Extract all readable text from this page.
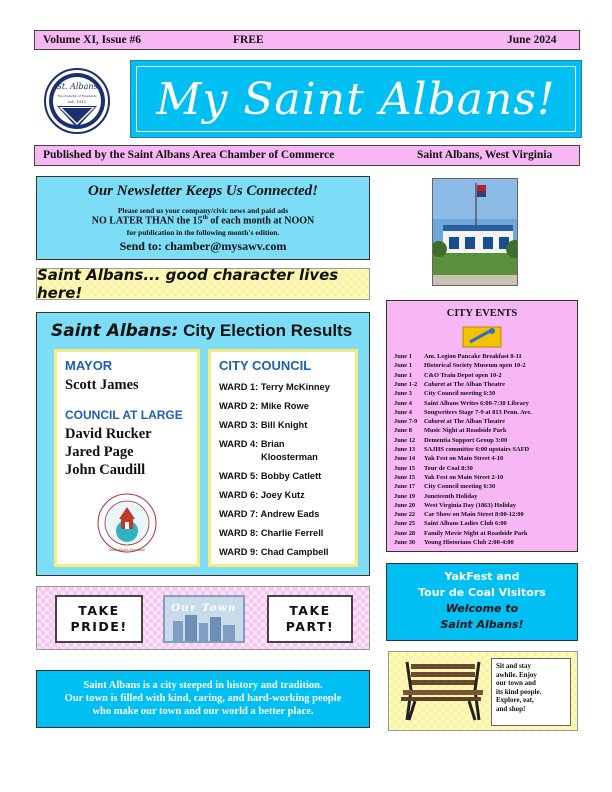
Volume XI, Issue #6	FREE	June 2024
St. Albans
The Character of Hospitality
est. 1912 My Saint Albans!
Published by the Saint Albans Area Chamber of Commerce	Saint Albans, West Virginia
Our Newsletter Keeps Us Connected!
Please send us your company/civic news and paid ads
NO LATER THAN the 15th of each month at NOON
for publication in the following month's edition.
Send to: chamber@mysawv.com
Saint Albans... good character lives here!
Saint Albans: City Election Results
MAYOR
Scott James
COUNCIL AT LARGE
David Rucker
Jared Page
John Caudill
Saint Albans Municipal
CITY COUNCIL
WARD 1: Terry McKinney
WARD 2: Mike Rowe
WARD 3: Bill Knight
WARD 4: Brian
Kloosterman
WARD 5: Bobby Catlett
WARD 6: Joey Kutz
WARD 7: Andrew Eads
WARD 8: Charlie Ferrell
WARD 9: Chad Campbell
CITY EVENTS
June 1 Am. Legion Pancake Breakfast 8-11
June 1 Historical Society Museum open 10-2
June 1 C&O Train Depot open 10-2
June 1-2 Cabaret at The Alban Theatre
June 3 City Council meeting 6:30
June 4 Saint Albans Writes 6:00-7:30 Library
June 4 Songwriters Stage 7-9 at 813 Penn. Ave.
June 7-9 Cabaret at The Alban Theatre
June 8 Music Night at Roadside Park
June 12 Dementia Support Group 3:00
June 13 SAJHS committee 6:00 upstairs SAFD
June 14 Yak Fest on Main Street 4-10
June 15 Tour de Coal 8:30
June 15 Yak Fest on Main Street 2-10
June 17 City Council meeting 6:30
June 19 Juneteenth Holiday
June 20 West Virginia Day (1863) Holiday
June 22 Car Show on Main Street 8:00-12:00
June 25 Saint Albans Ladies Club 6:00
June 28 Family Movie Night at Roadside Park
June 30 Young Historians Club 2:00-4:00
YakFest and
Tour de Coal Visitors
Welcome to
Saint Albans!
TAKE
PRIDE!
Our Town	TAKE
PART!
Saint Albans is a city steeped in history and tradition.
Our town is filled with kind, caring, and hard-working people
who make our town and our world a better place.
Sit and stay
awhile. Enjoy
our town and
its kind people.
Explore, eat,
and shop!
